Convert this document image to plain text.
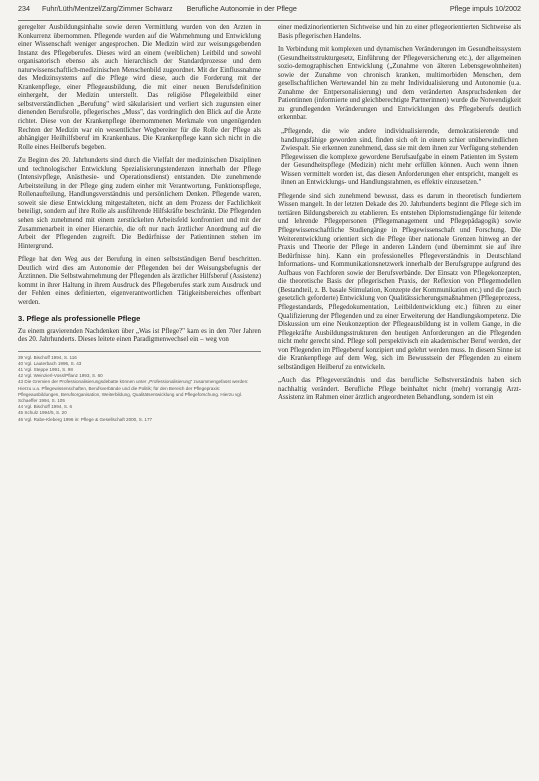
234	Fuhr/Lüth/Mentzel/Zarg/Zimmer Schwarz Berufliche Autonomie in der Pflege	Pflege impuls 10/2002

geregelter Ausbildungsinhalte sowie deren Vermittlung wurden von den Ärzten in Konkurrenz übernommen. Pflegende wurden auf die Wahrnehmung und Entwicklung einer Wissenschaft weniger angesprochen. Die Medizin wird zur weisungsgebenden Instanz des Pflegeberufes. Dieses wird an einem (weiblichen) Leitbild und sowohl organisatorisch ebenso als auch hierarchisch der Standardprozesse und dem naturwissenschaftlich-medizinischen Menschenbild zugeordnet. Mit der Einflussnahme des Medizinsystems auf die Pflege wird diese, auch die Forderung mit der Krankenpflege, einer Pflegeausbildung, die mit einer neuen Berufsdefinition einhergeht, der Medizin unterstellt. Das religiöse Pflegeleitbild einer selbstverständlichen „Berufung" wird säkularisiert und verliert sich zugunsten einer dienenden Berufsrolle, pflegerisches „Muss", das vordringlich den Blick auf die Ärzte richtet. Diese von der Krankenpflege übernommenen Merkmale von ungenügenden Rechten der Medizin war ein wesentlicher Wegbereiter für die Rolle der Pflege als abhängiger Heilhilfsberuf im Krankenhaus. Die Krankenpflege kann sich nicht in die Rolle eines Heilberufs begeben.

Zu Beginn des 20. Jahrhunderts sind durch die Vielfalt der medizinischen Disziplinen und technologischer Entwicklung Spezialisierungstendenzen innerhalb der Pflege (Intensivpflege, Anästhesie- und Operationsdienst) entstanden. Die zunehmende Arbeitsteilung in der Pflege ging zudem einher mit Verantwortung, Funktionspflege, Rollenaufteilung, Handlungsverständnis und persönlichem Denken. Pflegende waren, soweit sie diese Entwicklung mitgestalteten, nicht an dem Prozess der Fachlichkeit beteiligt, sondern auf ihre Rolle als ausführende Hilfskräfte beschränkt. Die Pflegenden sehen sich zunehmend mit einem zerstückelten Arbeitsfeld konfrontiert und mit der Zusammenarbeit in einer Hierarchie, die oft nur nach ärztlicher Anordnung auf die Arbeit der Pflegenden zugreift. Die Bedürfnisse der Patientinnen stehen im Hintergrund.

Pflege hat den Weg aus der Berufung in einen selbstständigen Beruf beschritten. Deutlich wird dies am Autonomie der Pflegenden bei der Weisungsbefugnis der Ärztinnen. Die Selbstwahrnehmung der Pflegenden als ärztlicher Hilfsberuf (Assistenz) kommt in ihrer Haltung in ihrem Ausdruck des Pflegeberufes stark zum Ausdruck und der Fehlen eines definierten, eigenverantwortlichen Tätigkeitsbereiches offenbart werden.

3. Pflege als professionelle Pflege

Zu einem gravierenden Nachdenken über „Was ist Pflege?" kam es in den 70er Jahren des 20. Jahrhunderts. Dieses leitete einen Paradigmenwechsel ein – weg von

39 Vgl. Bischoff 1994, S. 116
40 Vgl. Lauterbach 1996, S. 43
41 Vgl. Steppe 1991, S. 98
42 Vgl. Weinzierl-Voss/Pflanz 1993, S. 60
43 Die Gremien der Professionalisierungsdebatte können unter „Professionalisierung" zusammengefasst werden: Hierzu u.a. Pflegewissenschaften, Berufsverbände und die Politik; für den Bereich der Pflegepraxis: Pflegeausbildungen, Berufsorganisation, Weiterbildung, Qualitätsentwicklung und Pflegeforschung. Hierzu vgl. Schaeffer 1994, S. 105
44 Vgl. Bischoff 1994, S. 6
45 Schulz 1994/5, S. 20
46 Vgl. Rabe-Kleberg 1996 in: Pflege & Gesellschaft 2000, S. 177

einer medizinorientierten Sichtweise und hin zu einer pflegeorientierten Sichtweise als Basis pflegerischen Handelns.

In Verbindung mit komplexen und dynamischen Veränderungen im Gesundheitssystem (Gesundheitsstrukturgesetz, Einführung der Pflegeversicherung etc.), der allgemeinen sozio-demographischen Entwicklung („Zunahme von älteren Lebensgewohnheiten) sowie der Zunahme von chronisch kranken, multimorbiden Menschen, dem gesellschaftlichen Wertewandel hin zu mehr Individualisierung und Autonomie (u.a. Zunahme der Entpersonalisierung) und dem veränderten Anspruchsdenken der Patientinnen (informierte und gleichberechtigte Partnerinnen) wurde die Notwendigkeit zu grundlegenden Veränderungen und Entwicklungen des Pflegeberufs deutlich erkennbar.

„Pflegende, die wie andere individualisierende, demokratisierende und handlungsfähige geworden sind, finden sich oft in einem schier unüberwindlichen Zwiespalt. Sie erkennen zunehmend, dass sie mit dem ihnen zur Verfügung stehenden Pflegewissen die komplexe gewordene Berufsaufgabe in einem Patienten im System der Gesundheitspflege (Medizin) nicht mehr erfüllen können. Auch wenn ihnen Wissen vermittelt worden ist, das diesen Anforderungen eher entspricht, mangelt es ihnen an Entwicklungs- und Handlungsrahmen, es effektiv einzusetzen."

Pflegende sind sich zunehmend bewusst, dass es darum in theoretisch fundiertem Wissen mangelt. In der letzten Dekade des 20. Jahrhunderts beginnt die Pflege sich im tertiären Bildungsbereich zu etablieren. Es entstehen Diplomstudiengänge für leitende und lehrende Pflegepersonen (Pflegemanagement und Pflegepädagogik) sowie Pflegewissenschaftliche Studiengänge in Pflegewissenschaft und Forschung. Die Weiterentwicklung orientiert sich die Pflege über nationale Grenzen hinweg an der Praxis und Theorie der Pflege in anderen Ländern (und übernimmt sie auf ihre Bedürfnisse hin). Kann ein professionelles Pflegeverständnis in Deutschland Informations- und Kommunikationsnetzwerk innerhalb der Berufsgruppe aufgrund des Aufbaus von Fachforen sowie der Berufsverbände. Der Einsatz von Pflegekonzepten, die theoretische Basis der pflegerischen Praxis, der Reflexion von Pflegemodellen (Bestandteil, z. B. basale Stimulation, Konzepte der Kommunikation etc.) und die (auch gesetzlich geforderte) Entwicklung von Qualitätssicherungsmaßnahmen (Pflegeprozess, Pflegestandards, Pflegedokumentation, Leitbildentwicklung etc.) führen zu einer Qualifizierung der Pflegenden und zu einer Erweiterung der Handlungskompetenz. Die Diskussion um eine Neukonzeption der Pflegeausbildung ist in vollem Gange, in die Pflegekräfte Ausbildungsstrukturen den heutigen Anforderungen an die Pflegenden nicht mehr gerecht sind. Pflege soll perspektivisch ein akademischer Beruf werden, der von Pflegenden im Pflegeberuf konzipiert und gelehrt werden muss. In diesem Sinne ist die Krankenpflege auf dem Weg, sich im Bewusstsein der Pflegenden zu einem selbständigen Heilberuf zu entwickeln.

„Auch das Pflegeverständnis und das berufliche Selbstverständnis haben sich nachhaltig verändert. Berufliche Pflege beinhaltet nicht (mehr) vorrangig Arzt-Assistenz im Rahmen einer ärztlich angeordneten Behandlung, sondern ist ein
